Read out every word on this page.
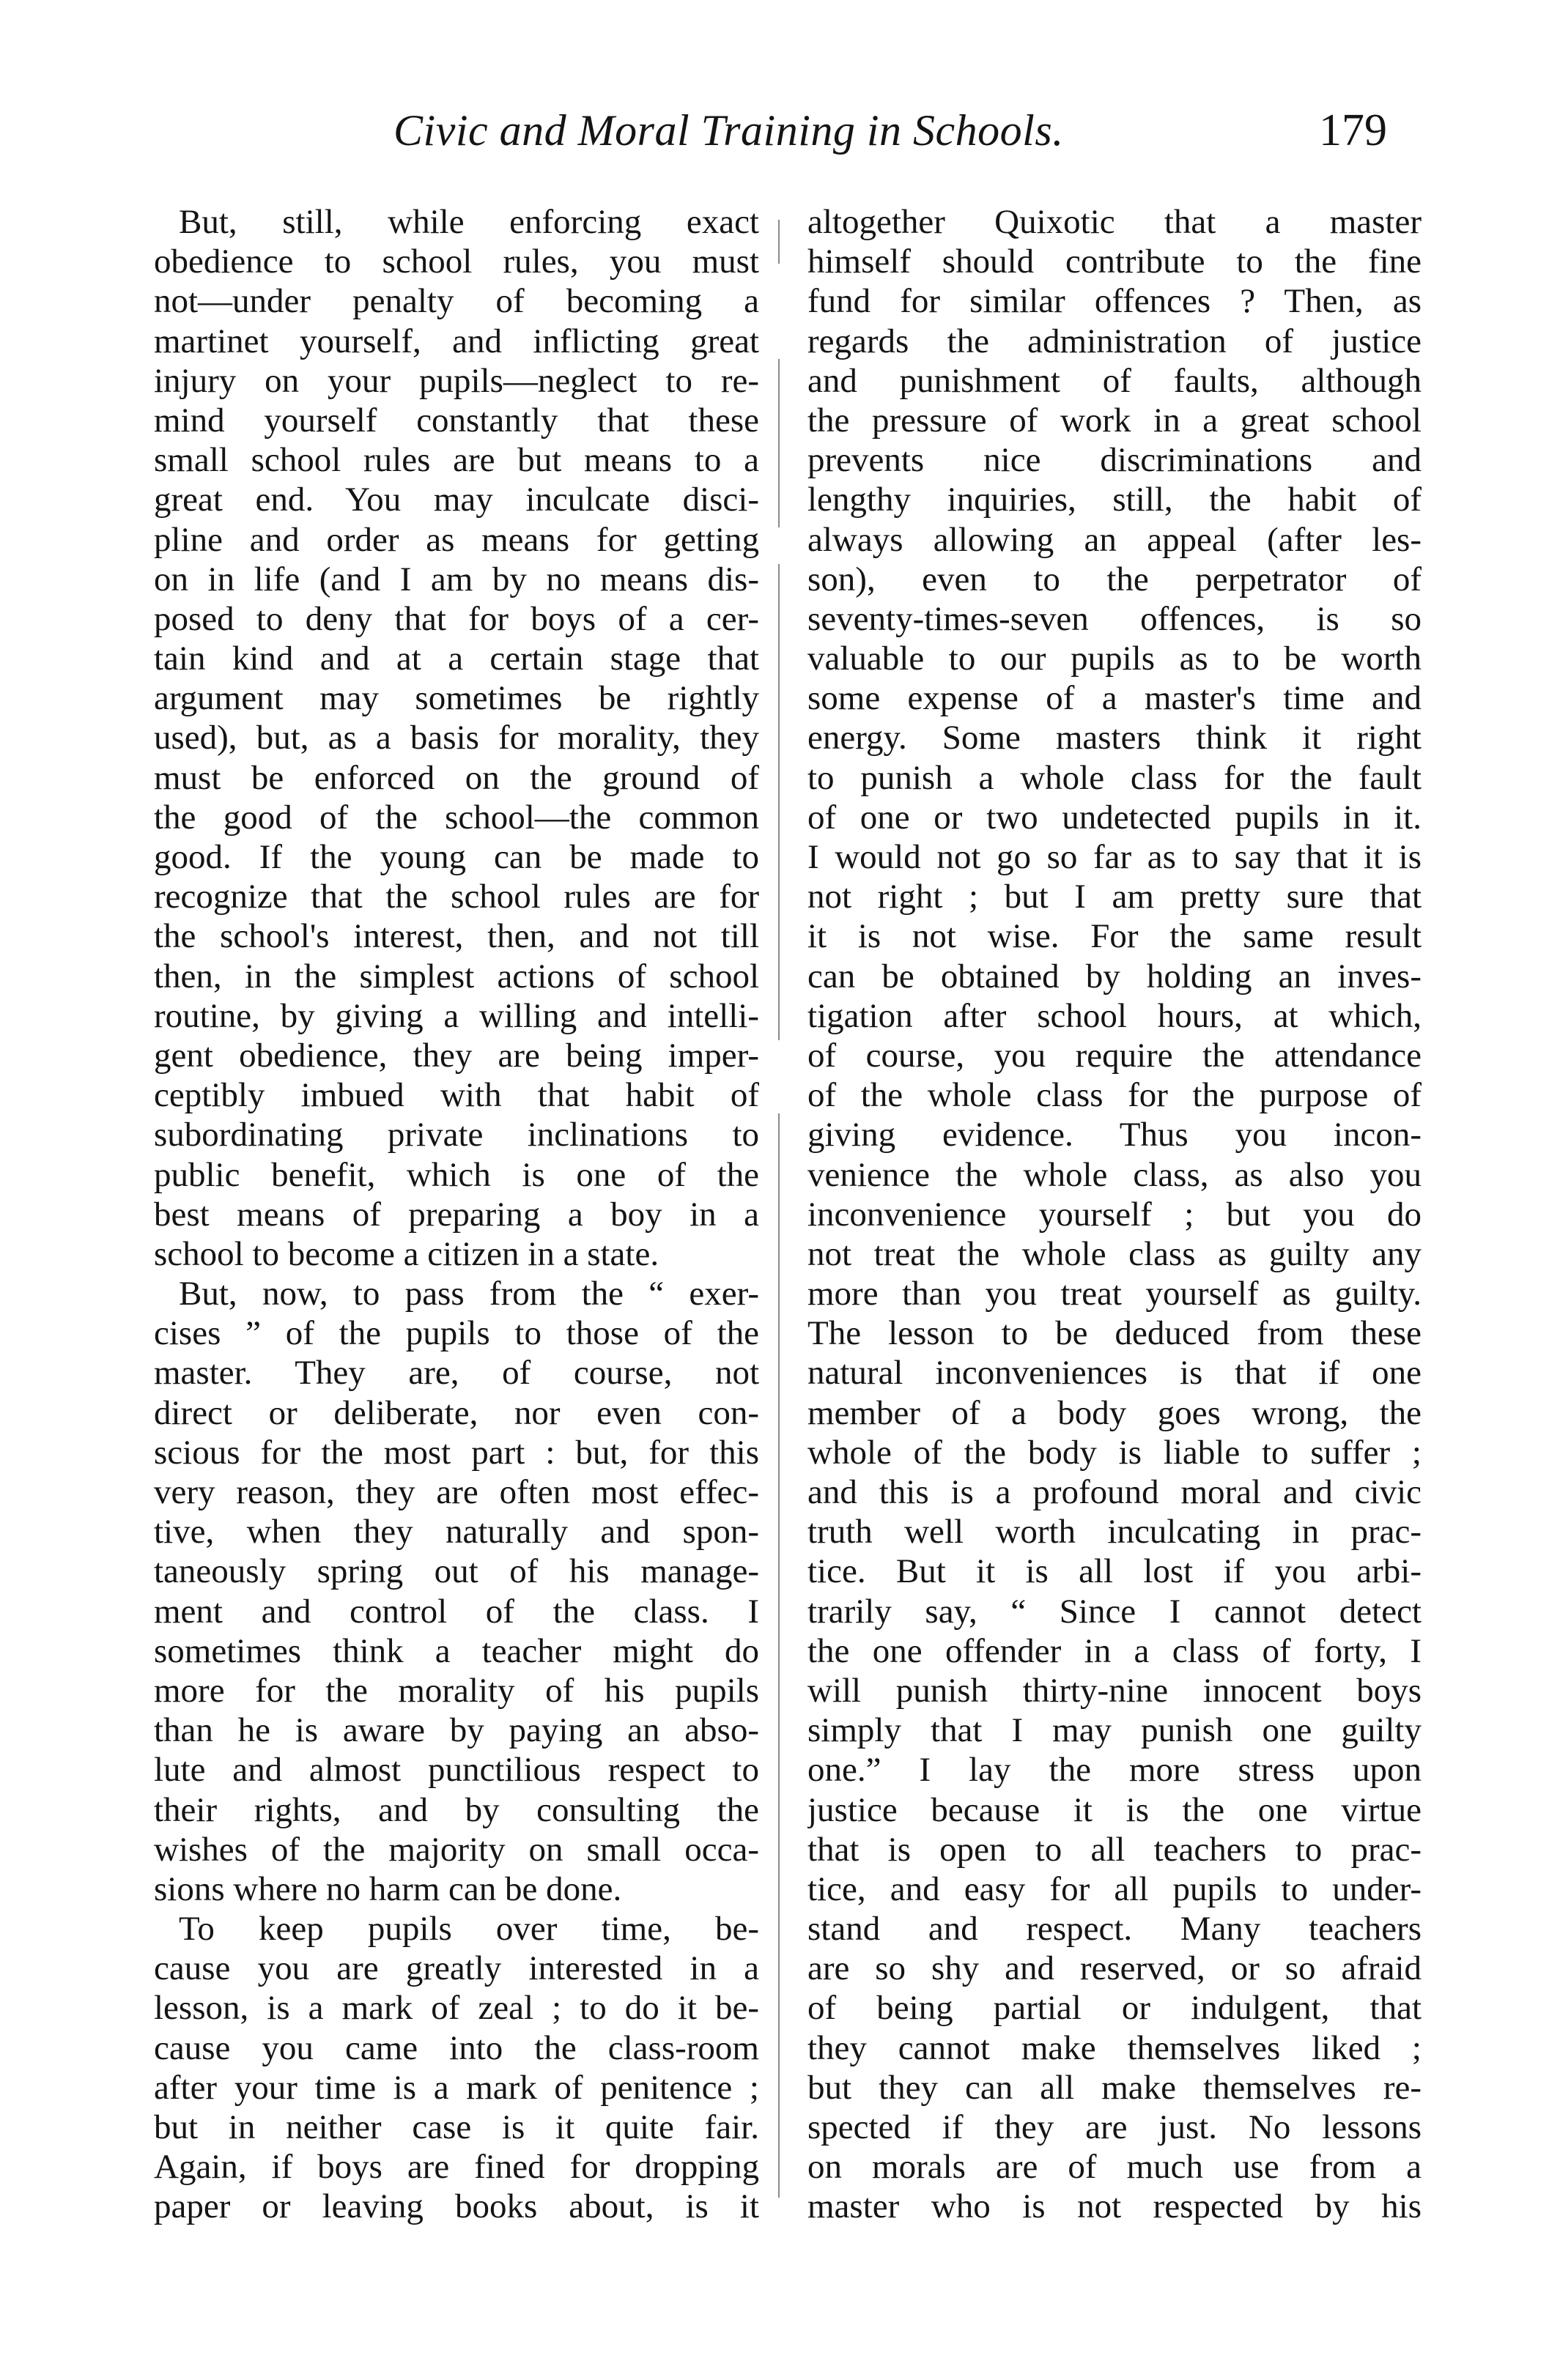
Civic and Moral Training in Schools.	179
But, still, while enforcing exact
obedience to school rules, you must
not—under penalty of becoming a
martinet yourself, and inflicting great
injury on your pupils—neglect to re-
mind yourself constantly that these
small school rules are but means to a
great end. You may inculcate disci-
pline and order as means for getting
on in life (and I am by no means dis-
posed to deny that for boys of a cer-
tain kind and at a certain stage that
argument may sometimes be rightly
used), but, as a basis for morality, they
must be enforced on the ground of
the good of the school—the common
good. If the young can be made to
recognize that the school rules are for
the school's interest, then, and not till
then, in the simplest actions of school
routine, by giving a willing and intelli-
gent obedience, they are being imper-
ceptibly imbued with that habit of
subordinating private inclinations to
public benefit, which is one of the
best means of preparing a boy in a
school to become a citizen in a state.
But, now, to pass from the “ exer-
cises ” of the pupils to those of the
master. They are, of course, not
direct or deliberate, nor even con-
scious for the most part : but, for this
very reason, they are often most effec-
tive, when they naturally and spon-
taneously spring out of his manage-
ment and control of the class. I
sometimes think a teacher might do
more for the morality of his pupils
than he is aware by paying an abso-
lute and almost punctilious respect to
their rights, and by consulting the
wishes of the majority on small occa-
sions where no harm can be done.
To keep pupils over time, be-
cause you are greatly interested in a
lesson, is a mark of zeal ; to do it be-
cause you came into the class-room
after your time is a mark of penitence ;
but in neither case is it quite fair.
Again, if boys are fined for dropping
paper or leaving books about, is it
altogether Quixotic that a master
himself should contribute to the fine
fund for similar offences ? Then, as
regards the administration of justice
and punishment of faults, although
the pressure of work in a great school
prevents nice discriminations and
lengthy inquiries, still, the habit of
always allowing an appeal (after les-
son), even to the perpetrator of
seventy-times-seven offences, is so
valuable to our pupils as to be worth
some expense of a master's time and
energy. Some masters think it right
to punish a whole class for the fault
of one or two undetected pupils in it.
I would not go so far as to say that it is
not right ; but I am pretty sure that
it is not wise. For the same result
can be obtained by holding an inves-
tigation after school hours, at which,
of course, you require the attendance
of the whole class for the purpose of
giving evidence. Thus you incon-
venience the whole class, as also you
inconvenience yourself ; but you do
not treat the whole class as guilty any
more than you treat yourself as guilty.
The lesson to be deduced from these
natural inconveniences is that if one
member of a body goes wrong, the
whole of the body is liable to suffer ;
and this is a profound moral and civic
truth well worth inculcating in prac-
tice. But it is all lost if you arbi-
trarily say, “ Since I cannot detect
the one offender in a class of forty, I
will punish thirty-nine innocent boys
simply that I may punish one guilty
one.” I lay the more stress upon
justice because it is the one virtue
that is open to all teachers to prac-
tice, and easy for all pupils to under-
stand and respect. Many teachers
are so shy and reserved, or so afraid
of being partial or indulgent, that
they cannot make themselves liked ;
but they can all make themselves re-
spected if they are just. No lessons
on morals are of much use from a
master who is not respected by his
